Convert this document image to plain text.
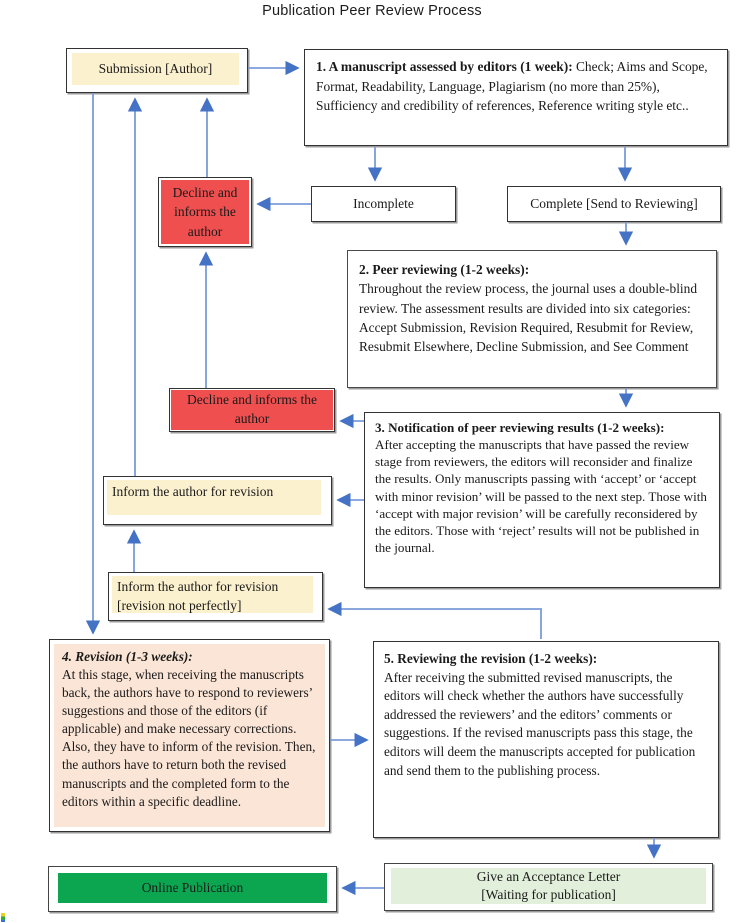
Publication Peer Review Process
Submission [Author]	1. A manuscript assessed by editors (1 week): Check; Aims and Scope, Format, Readability, Language, Plagiarism (no more than 25%), Sufficiency and credibility of references, Reference writing style etc..

Decline and informs the author
Incomplete	Complete [Send to Reviewing]

2. Peer reviewing (1-2 weeks):
Throughout the review process, the journal uses a double-blind review. The assessment results are divided into six categories: Accept Submission, Revision Required, Resubmit for Review, Resubmit Elsewhere, Decline Submission, and See Comment

Decline and informs the author

3. Notification of peer reviewing results (1-2 weeks):
After accepting the manuscripts that have passed the review stage from reviewers, the editors will reconsider and finalize the results. Only manuscripts passing with ‘accept’ or ‘accept with minor revision’ will be passed to the next step. Those with ‘accept with major revision’ will be carefully reconsidered by the editors. Those with ‘reject’ results will not be published in the journal.

Inform the author for revision
Inform the author for revision
[revision not perfectly]

4. Revision (1-3 weeks):
At this stage, when receiving the manuscripts back, the authors have to respond to reviewers’ suggestions and those of the editors (if applicable) and make necessary corrections. Also, they have to inform of the revision. Then, the authors have to return both the revised manuscripts and the completed form to the editors within a specific deadline.

5. Reviewing the revision (1-2 weeks):
After receiving the submitted revised manuscripts, the editors will check whether the authors have successfully addressed the reviewers’ and the editors’ comments or suggestions. If the revised manuscripts pass this stage, the editors will deem the manuscripts accepted for publication and send them to the publishing process.

Online Publication
Give an Acceptance Letter
[Waiting for publication]
